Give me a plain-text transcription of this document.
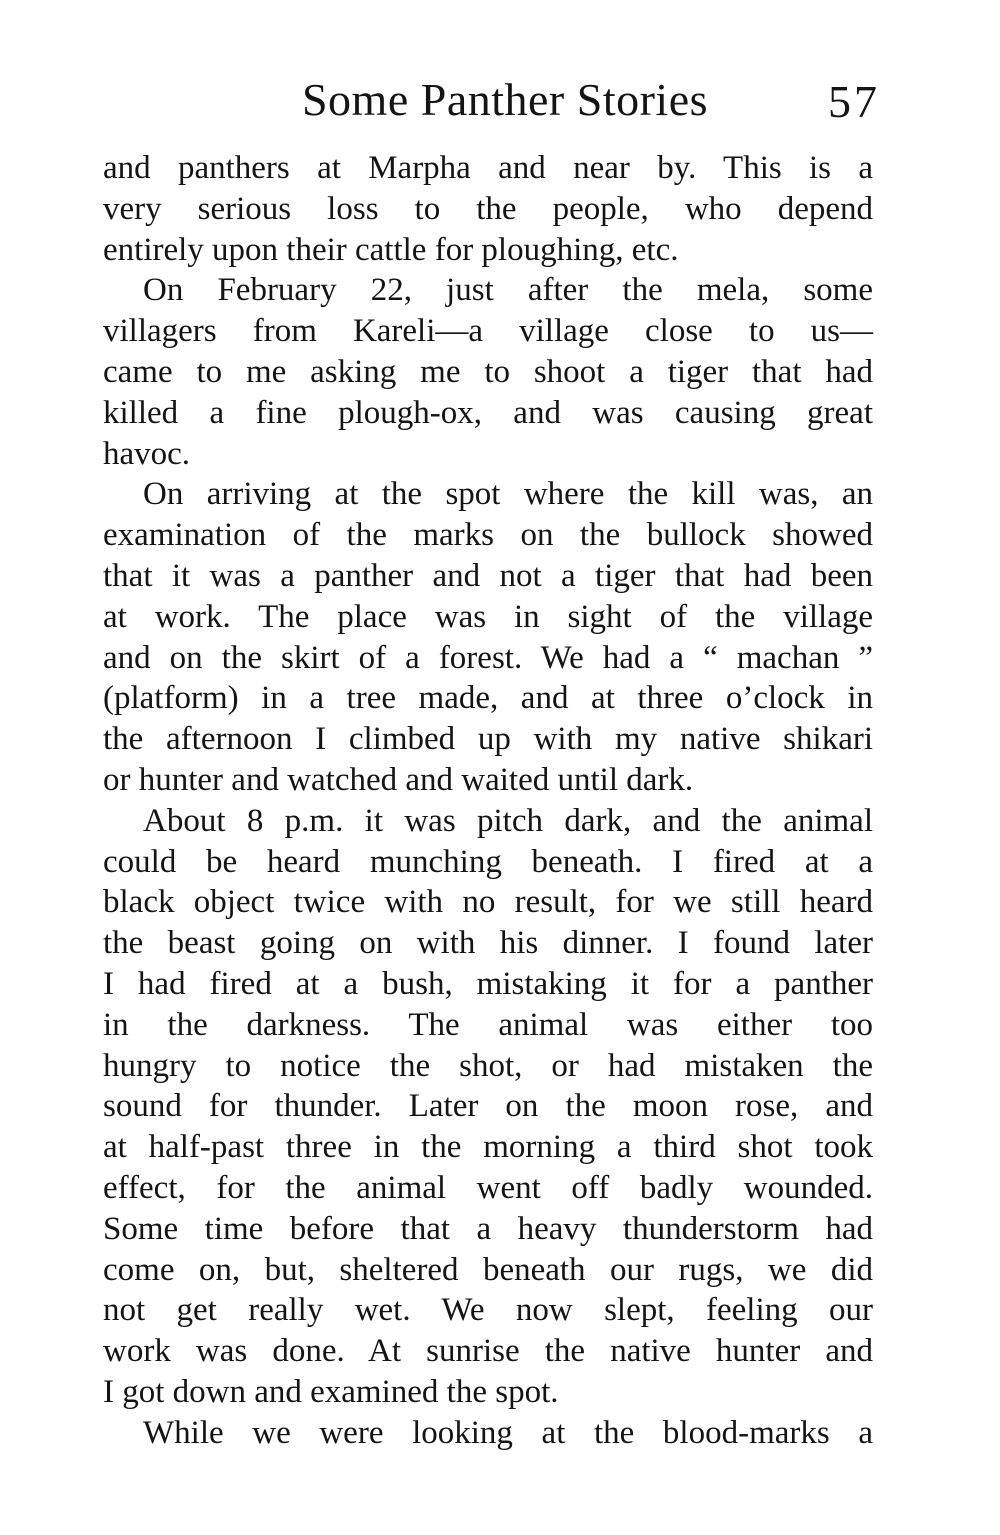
Some Panther Stories	57

and panthers at Marpha and near by. This is a
very serious loss to the people, who depend
entirely upon their cattle for ploughing, etc.

On February 22, just after the mela, some
villagers from Kareli—a village close to us—
came to me asking me to shoot a tiger that had
killed a fine plough-ox, and was causing great
havoc.

On arriving at the spot where the kill was, an
examination of the marks on the bullock showed
that it was a panther and not a tiger that had been
at work. The place was in sight of the village
and on the skirt of a forest. We had a “ machan ”
(platform) in a tree made, and at three o’clock in
the afternoon I climbed up with my native shikari
or hunter and watched and waited until dark.

About 8 p.m. it was pitch dark, and the animal
could be heard munching beneath. I fired at a
black object twice with no result, for we still heard
the beast going on with his dinner. I found later
I had fired at a bush, mistaking it for a panther
in the darkness. The animal was either too
hungry to notice the shot, or had mistaken the
sound for thunder. Later on the moon rose, and
at half-past three in the morning a third shot took
effect, for the animal went off badly wounded.
Some time before that a heavy thunderstorm had
come on, but, sheltered beneath our rugs, we did
not get really wet. We now slept, feeling our
work was done. At sunrise the native hunter and
I got down and examined the spot.

While we were looking at the blood-marks a
